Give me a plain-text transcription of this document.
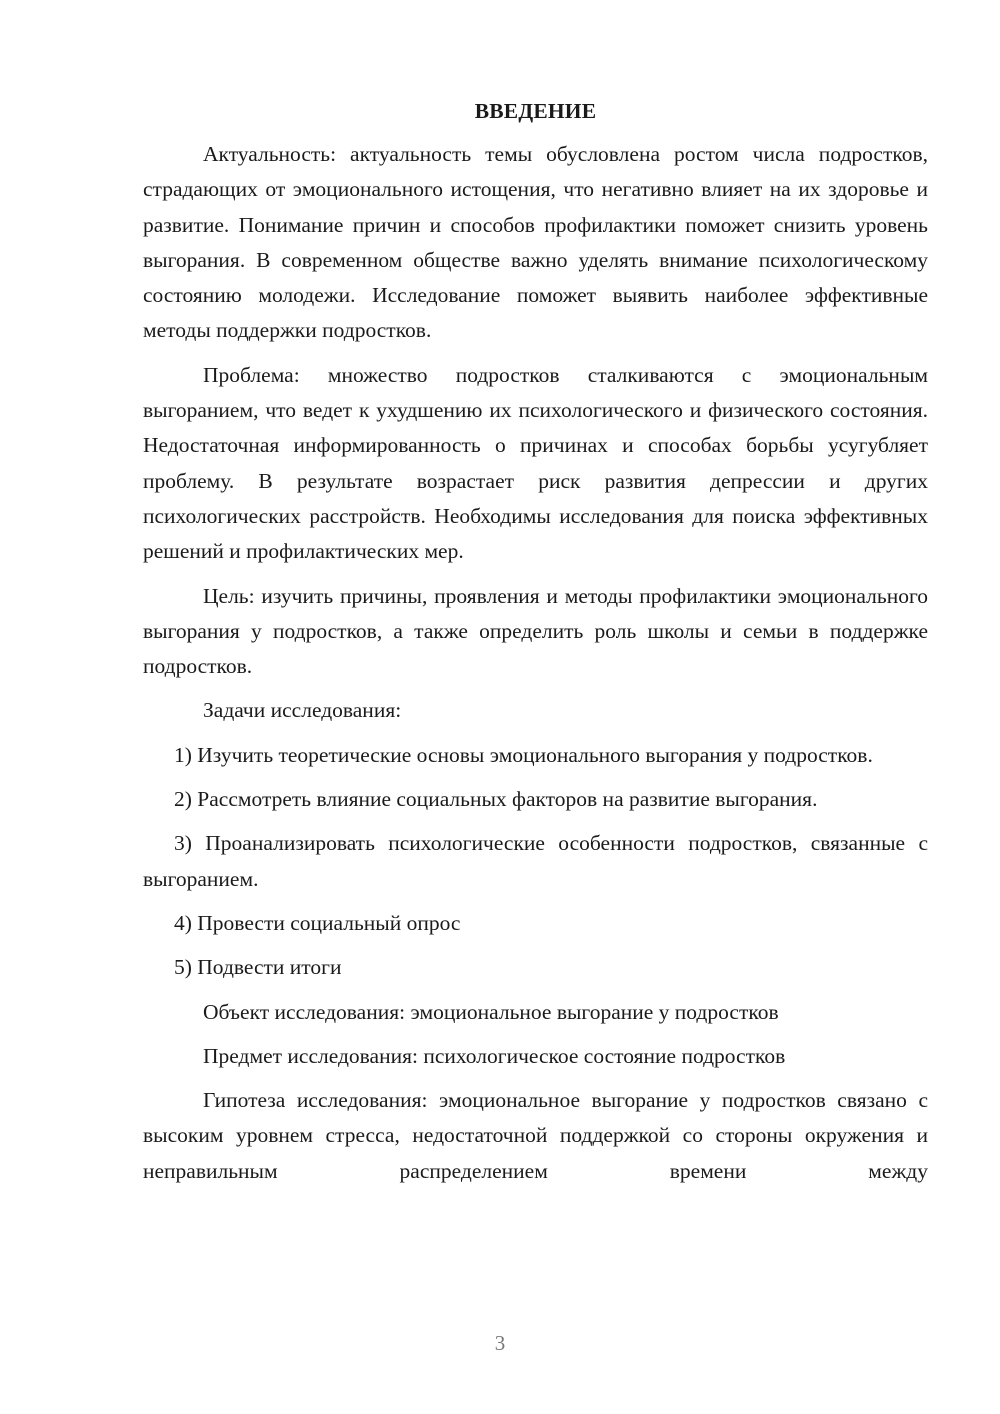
ВВЕДЕНИЕ

Актуальность: актуальность темы обусловлена ростом числа подростков, страдающих от эмоционального истощения, что негативно влияет на их здоровье и развитие. Понимание причин и способов профилактики поможет снизить уровень выгорания. В современном обществе важно уделять внимание психологическому состоянию молодежи. Исследование поможет выявить наиболее эффективные методы поддержки подростков.

Проблема: множество подростков сталкиваются с эмоциональным выгоранием, что ведет к ухудшению их психологического и физического состояния. Недостаточная информированность о причинах и способах борьбы усугубляет проблему. В результате возрастает риск развития депрессии и других психологических расстройств. Необходимы исследования для поиска эффективных решений и профилактических мер.

Цель: изучить причины, проявления и методы профилактики эмоционального выгорания у подростков, а также определить роль школы и семьи в поддержке подростков.

Задачи исследования:

1) Изучить теоретические основы эмоционального выгорания у подростков.

2) Рассмотреть влияние социальных факторов на развитие выгорания.

3) Проанализировать психологические особенности подростков, связанные с выгоранием.

4) Провести социальный опрос

5) Подвести итоги

Объект исследования: эмоциональное выгорание у подростков

Предмет исследования: психологическое состояние подростков

Гипотеза исследования: эмоциональное выгорание у подростков связано с высоким уровнем стресса, недостаточной поддержкой со стороны окружения и неправильным распределением времени между

3
